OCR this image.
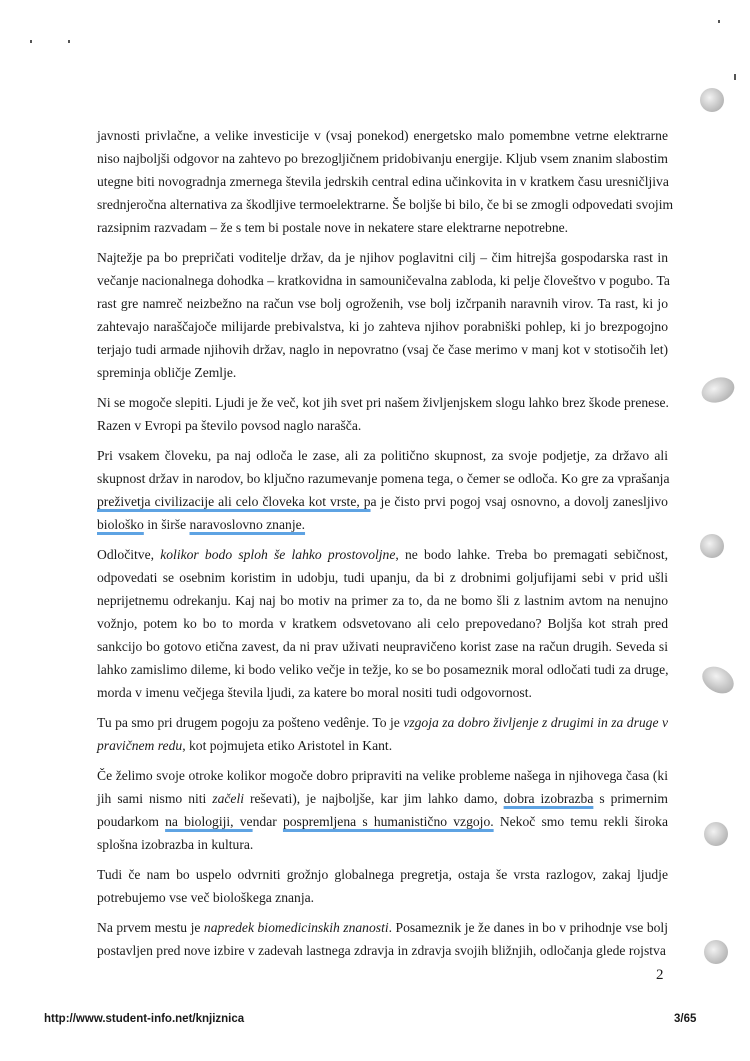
javnosti privlačne, a velike investicije v (vsaj ponekod) energetsko malo pomembne vetrne elektrarne
niso najboljši odgovor na zahtevo po brezogljičnem pridobivanju energije. Kljub vsem znanim slabostim
utegne biti novogradnja zmernega števila jedrskih central edina učinkovita in v kratkem času uresničljiva
srednjeročna alternativa za škodljive termoelektrarne. Še boljše bi bilo, če bi se zmogli odpovedati svojim
razsipnim razvadam – že s tem bi postale nove in nekatere stare elektrarne nepotrebne.
Najtežje pa bo prepričati voditelje držav, da je njihov poglavitni cilj – čim hitrejša gospodarska rast in
večanje nacionalnega dohodka – kratkovidna in samouničevalna zabloda, ki pelje človeštvo v pogubo. Ta
rast gre namreč neizbežno na račun vse bolj ogroženih, vse bolj izčrpanih naravnih virov. Ta rast, ki jo
zahtevajo naraščajoče milijarde prebivalstva, ki jo zahteva njihov porabniški pohlep, ki jo brezpogojno
terjajo tudi armade njihovih držav, naglo in nepovratno (vsaj če čase merimo v manj kot v stotisočih let)
spreminja obličje Zemlje.
Ni se mogoče slepiti. Ljudi je že več, kot jih svet pri našem življenjskem slogu lahko brez škode prenese.
Razen v Evropi pa število povsod naglo narašča.
Pri vsakem človeku, pa naj odloča le zase, ali za politično skupnost, za svoje podjetje, za državo ali
skupnost držav in narodov, bo ključno razumevanje pomena tega, o čemer se odloča. Ko gre za vprašanja
preživetja civilizacije ali celo človeka kot vrste, pa je čisto prvi pogoj vsaj osnovno, a dovolj zanesljivo
biološko in širše naravoslovno znanje.
Odločitve, kolikor bodo sploh še lahko prostovoljne, ne bodo lahke. Treba bo premagati sebičnost,
odpovedati se osebnim koristim in udobju, tudi upanju, da bi z drobnimi goljufijami sebi v prid ušli
neprijetnemu odrekanju. Kaj naj bo motiv na primer za to, da ne bomo šli z lastnim avtom na nenujno
vožnjo, potem ko bo to morda v kratkem odsvetovano ali celo prepovedano? Boljša kot strah pred
sankcijo bo gotovo etična zavest, da ni prav uživati neupravičeno korist zase na račun drugih. Seveda si
lahko zamislimo dileme, ki bodo veliko večje in težje, ko se bo posameznik moral odločati tudi za druge,
morda v imenu večjega števila ljudi, za katere bo moral nositi tudi odgovornost.
Tu pa smo pri drugem pogoju za pošteno vedênje. To je vzgoja za dobro življenje z drugimi in za druge v
pravičnem redu, kot pojmujeta etiko Aristotel in Kant.
Če želimo svoje otroke kolikor mogoče dobro pripraviti na velike probleme našega in njihovega časa (ki
jih sami nismo niti začeli reševati), je najboljše, kar jim lahko damo, dobra izobrazba s primernim
poudarkom na biologiji, vendar pospremljena s humanistično vzgojo. Nekoč smo temu rekli široka
splošna izobrazba in kultura.
Tudi če nam bo uspelo odvrniti grožnjo globalnega pregretja, ostaja še vrsta razlogov, zakaj ljudje
potrebujemo vse več biološkega znanja.
Na prvem mestu je napredek biomedicinskih znanosti. Posameznik je že danes in bo v prihodnje vse bolj
postavljen pred nove izbire v zadevah lastnega zdravja in zdravja svojih bližnjih, odločanja glede rojstva
2
http://www.student-info.net/knjiznica	3/65
